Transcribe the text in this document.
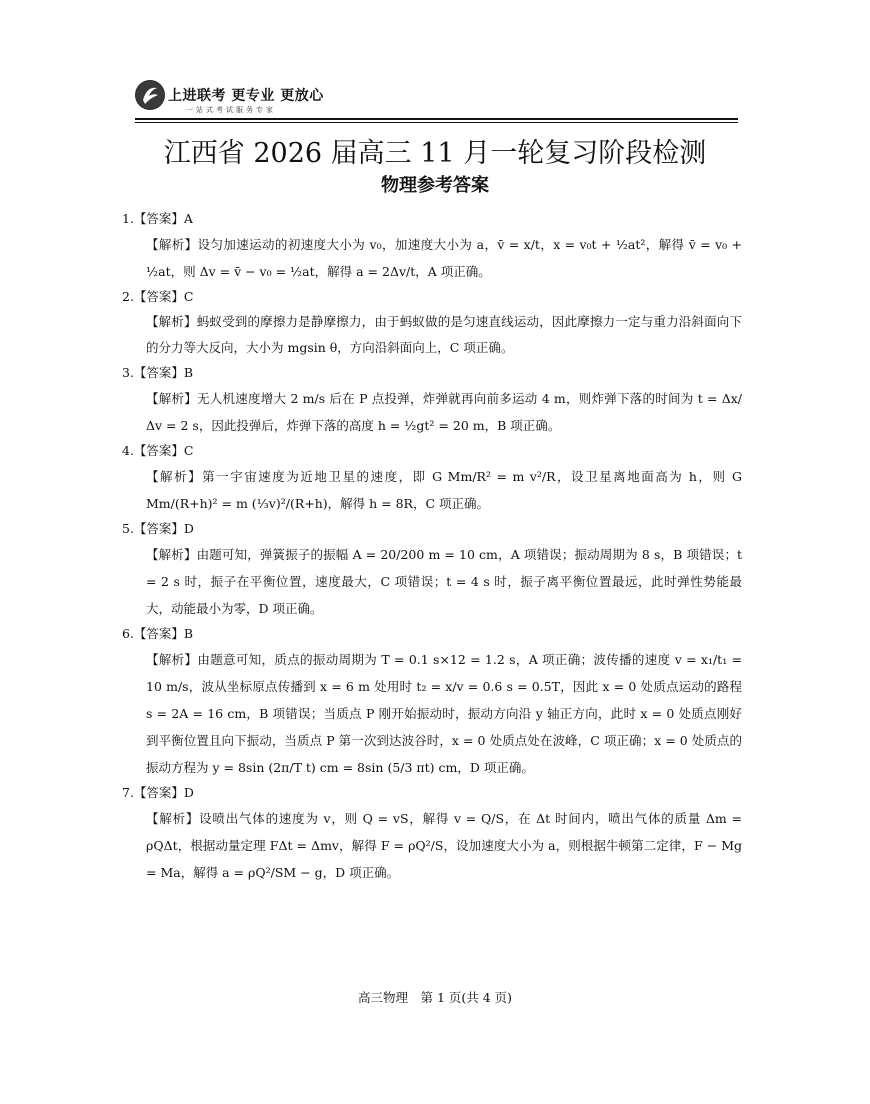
上进联考 更专业 更放心
一站式考试服务专家
江西省 2026 届高三 11 月一轮复习阶段检测
物理参考答案

1.【答案】A

【解析】设匀加速运动的初速度大小为 v₀，加速度大小为 a，v̄ = x/t，x = v₀t + ½at²，解得 v̄ = v₀ + ½at，则 Δv = v̄ − v₀ = ½at，解得 a = 2Δv/t，A 项正确。

2.【答案】C

【解析】蚂蚁受到的摩擦力是静摩擦力，由于蚂蚁做的是匀速直线运动，因此摩擦力一定与重力沿斜面向下的分力等大反向，大小为 mgsin θ，方向沿斜面向上，C 项正确。

3.【答案】B

【解析】无人机速度增大 2 m/s 后在 P 点投弹，炸弹就再向前多运动 4 m，则炸弹下落的时间为 t = Δx/Δv = 2 s，因此投弹后，炸弹下落的高度 h = ½gt² = 20 m，B 项正确。

4.【答案】C

【解析】第一宇宙速度为近地卫星的速度，即 G Mm/R² = m v²/R，设卫星离地面高为 h，则 G Mm/(R+h)² = m (⅓v)²/(R+h)，解得 h = 8R，C 项正确。

5.【答案】D

【解析】由题可知，弹簧振子的振幅 A = 20/200 m = 10 cm，A 项错误；振动周期为 8 s，B 项错误；t = 2 s 时，振子在平衡位置，速度最大，C 项错误；t = 4 s 时，振子离平衡位置最远，此时弹性势能最大，动能最小为零，D 项正确。

6.【答案】B

【解析】由题意可知，质点的振动周期为 T = 0.1 s×12 = 1.2 s，A 项正确；波传播的速度 v = x₁/t₁ = 10 m/s，波从坐标原点传播到 x = 6 m 处用时 t₂ = x/v = 0.6 s = 0.5T，因此 x = 0 处质点运动的路程 s = 2A = 16 cm，B 项错误；当质点 P 刚开始振动时，振动方向沿 y 轴正方向，此时 x = 0 处质点刚好到平衡位置且向下振动，当质点 P 第一次到达波谷时，x = 0 处质点处在波峰，C 项正确；x = 0 处质点的振动方程为 y = 8sin (2π/T t) cm = 8sin (5/3 πt) cm，D 项正确。

7.【答案】D

【解析】设喷出气体的速度为 v，则 Q = vS，解得 v = Q/S，在 Δt 时间内，喷出气体的质量 Δm = ρQΔt，根据动量定理 FΔt = Δmv，解得 F = ρQ²/S，设加速度大小为 a，则根据牛顿第二定律，F − Mg = Ma，解得 a = ρQ²/SM − g，D 项正确。

高三物理　第 1 页(共 4 页)
